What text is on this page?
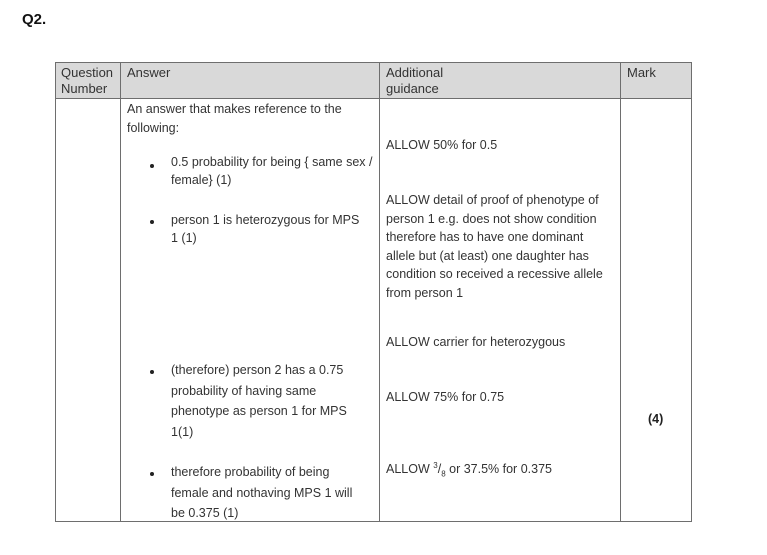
Q2.
Question Number
Answer	Additional guidance
Mark
An answer that makes reference to the following:
0.5 probability for being { same sex / female} (1)
person 1 is heterozygous for MPS 1 (1)
(therefore) person 2 has a 0.75 probability of having same phenotype as person 1 for MPS 1(1)
therefore probability of being female and nothaving MPS 1 will be 0.375 (1)
ALLOW 50% for 0.5
ALLOW detail of proof of phenotype of person 1 e.g. does not show condition therefore has to have one dominant allele but (at least) one daughter has condition so received a recessive allele from person 1
ALLOW carrier for heterozygous
ALLOW 75% for 0.75
ALLOW $^3/_8$ or 37.5% for 0.375
(4)
